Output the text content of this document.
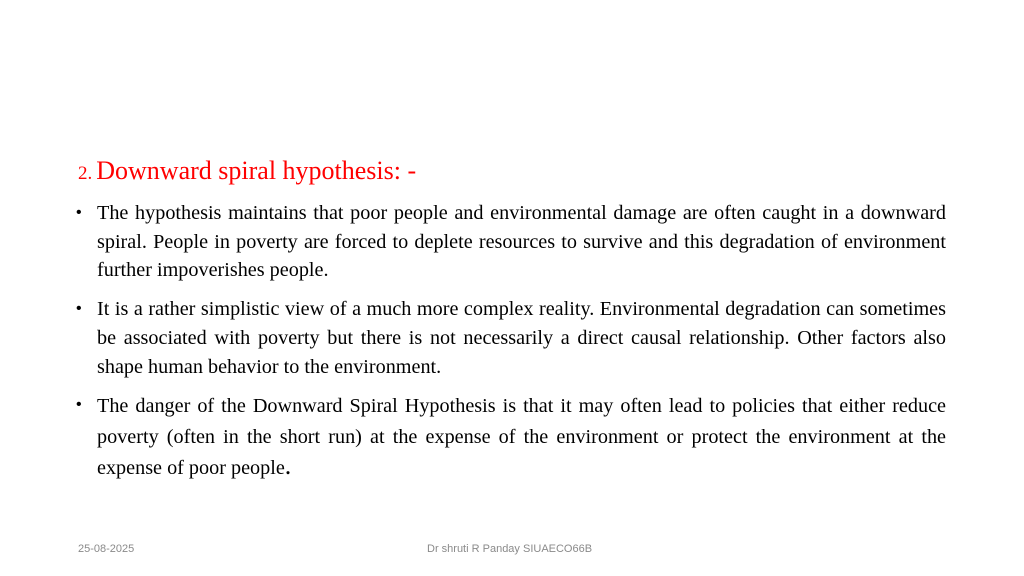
2. Downward spiral hypothesis: -
• The hypothesis maintains that poor people and environmental damage are often caught in a downward spiral. People in poverty are forced to deplete resources to survive and this degradation of environment further impoverishes people.
• It is a rather simplistic view of a much more complex reality. Environmental degradation can sometimes be associated with poverty but there is not necessarily a direct causal relationship. Other factors also shape human behavior to the environment.
• The danger of the Downward Spiral Hypothesis is that it may often lead to policies that either reduce poverty (often in the short run) at the expense of the environment or protect the environment at the expense of poor people.
25-08-2025	Dr shruti R Panday SIUAECO66B
